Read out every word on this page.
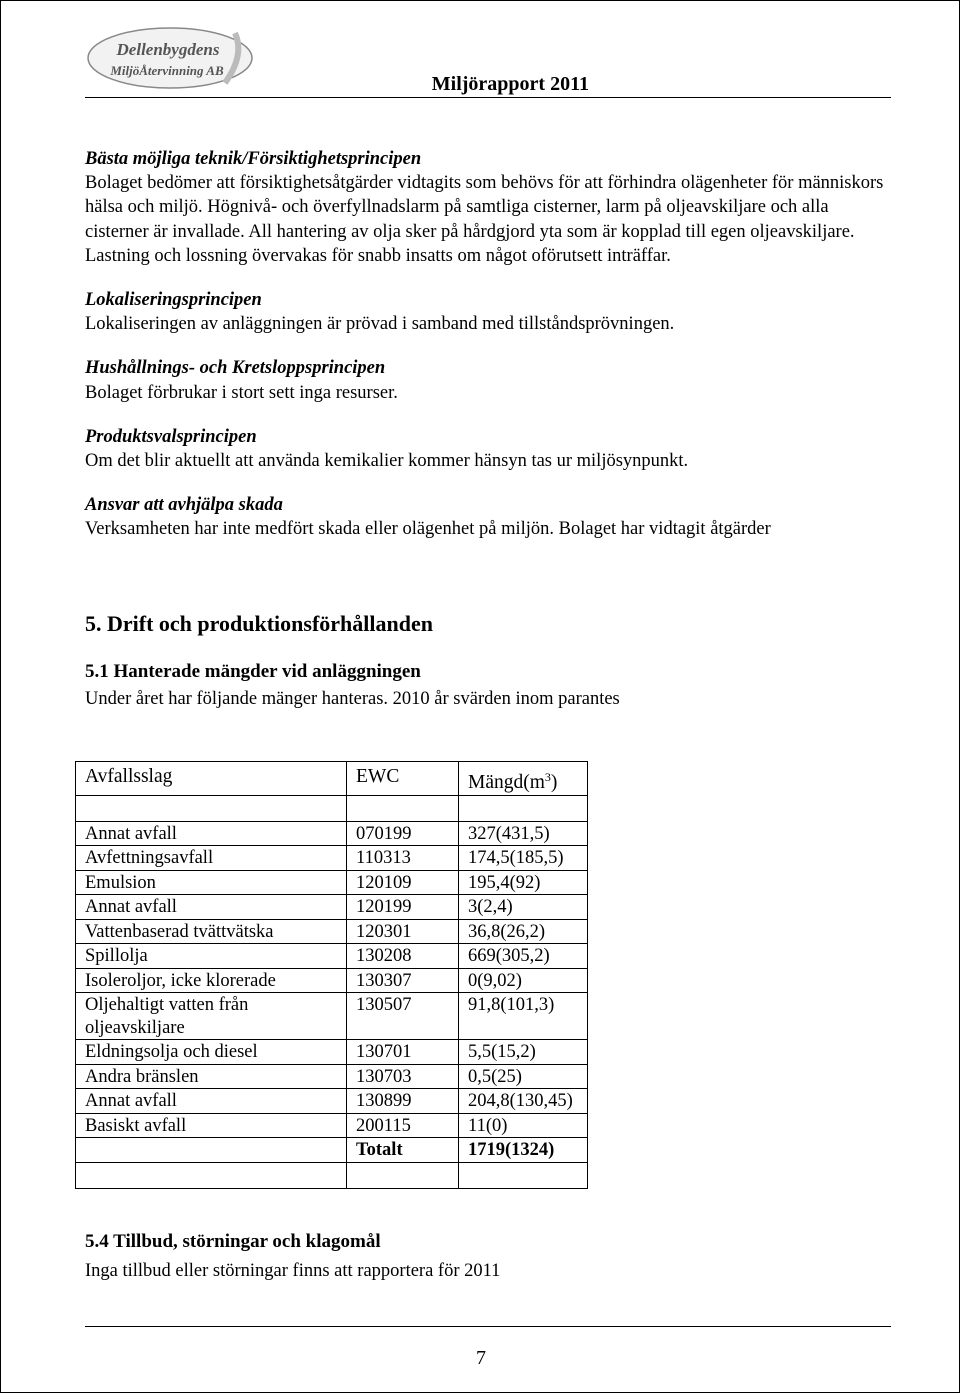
Dellenbygdens
MiljöÅtervinning AB
Miljörapport 2011
Bästa möjliga teknik/Försiktighetsprincipen

Bolaget bedömer att försiktighetsåtgärder vidtagits som behövs för att förhindra olägenheter för människors hälsa och miljö. Högnivå- och överfyllnadslarm på samtliga cisterner, larm på oljeavskiljare och alla cisterner är invallade. All hantering av olja sker på hårdgjord yta som är kopplad till egen oljeavskiljare. Lastning och lossning övervakas för snabb insatts om något oförutsett inträffar.

Lokaliseringsprincipen

Lokaliseringen av anläggningen är prövad i samband med tillståndsprövningen.

Hushållnings- och Kretsloppsprincipen

Bolaget förbrukar i stort sett inga resurser.

Produktsvalsprincipen

Om det blir aktuellt att använda kemikalier kommer hänsyn tas ur miljösynpunkt.

Ansvar att avhjälpa skada

Verksamheten har inte medfört skada eller olägenhet på miljön. Bolaget har vidtagit åtgärder

5. Drift och produktionsförhållanden
5.1 Hanterade mängder vid anläggningen
Under året har följande mänger hanteras. 2010 år svärden inom parantes
Avfallsslag	EWC	$Mängd(m^3)$

Annat avfall	070199	327(431,5)
Avfettningsavfall	110313	174,5(185,5)
Emulsion	120109	195,4(92)
Annat avfall	120199	3(2,4)
Vattenbaserad tvättvätska	120301	36,8(26,2)
Spillolja	130208	669(305,2)
Isoleroljor, icke klorerade	130307	0(9,02)
Oljehaltigt vatten från oljeavskiljare	130507	91,8(101,3)
Eldningsolja och diesel	130701	5,5(15,2)
Andra bränslen	130703	0,5(25)
Annat avfall	130899	204,8(130,45)
Basiskt avfall	200115	11(0)
	Totalt	1719(1324)

5.4 Tillbud, störningar och klagomål
Inga tillbud eller störningar finns att rapportera för 2011
7
